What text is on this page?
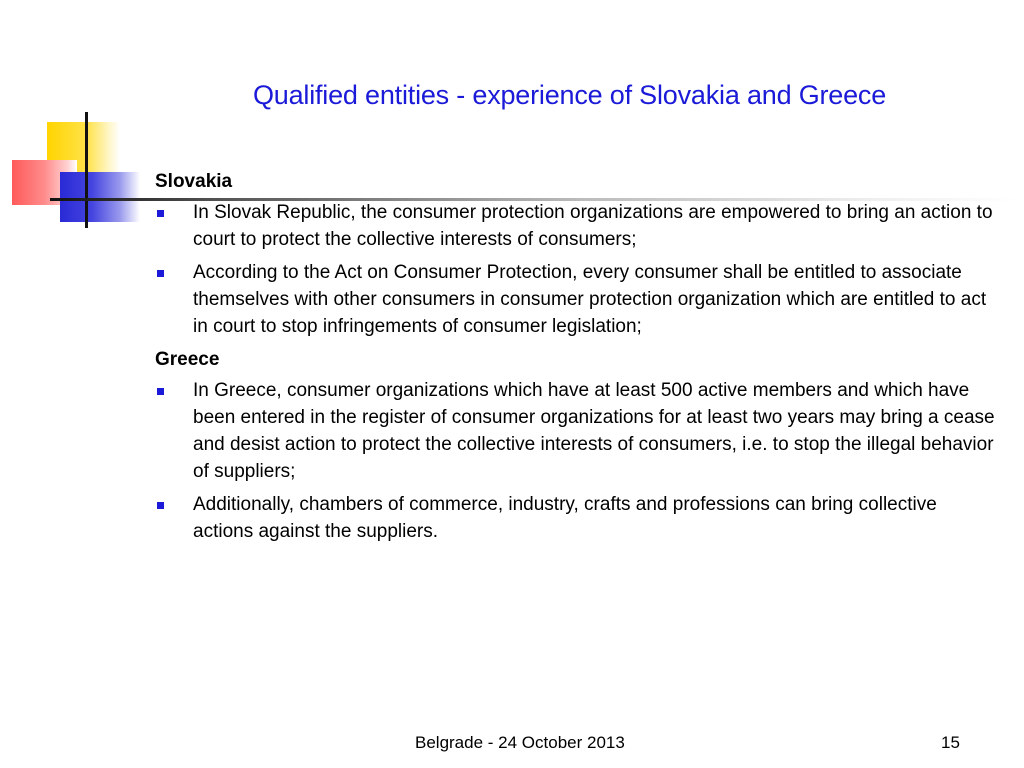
Qualified entities - experience of Slovakia and Greece
Slovakia
In Slovak Republic, the consumer protection organizations are empowered to bring an action to court to protect the collective interests of consumers;
According to the Act on Consumer Protection, every consumer shall be entitled to associate themselves with other consumers in consumer protection organization which are entitled to act in court to stop infringements of consumer legislation;
Greece
In Greece, consumer organizations which have at least 500 active members and which have been entered in the register of consumer organizations for at least two years may bring a cease and desist action to protect the collective interests of consumers, i.e. to stop the illegal behavior of suppliers;
Additionally, chambers of commerce, industry, crafts and professions can bring collective actions against the suppliers.
Belgrade - 24 October 2013	15
